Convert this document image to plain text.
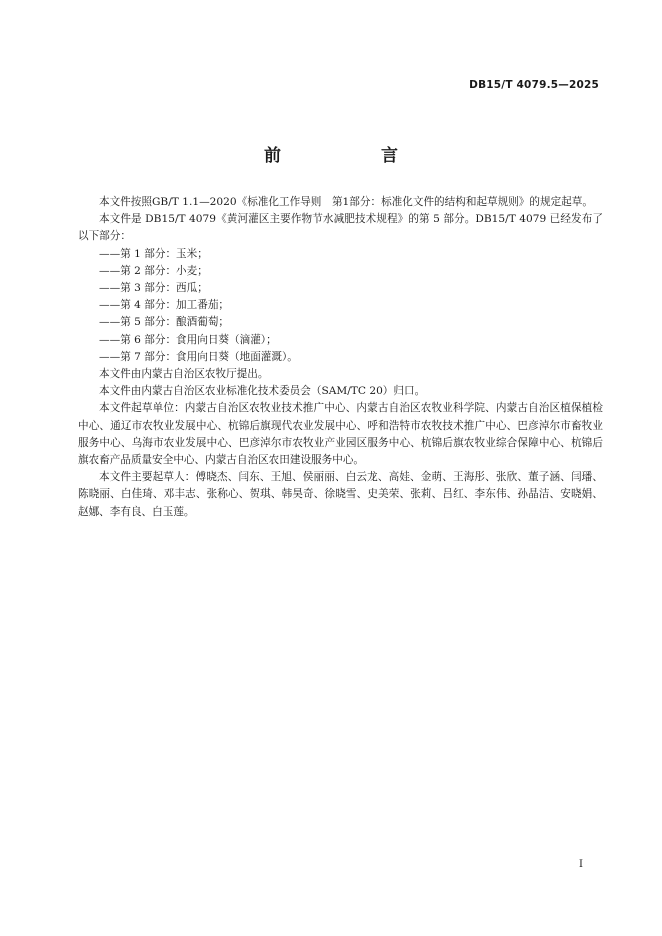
DB15/T 4079.5—2025
前　　言

本文件按照GB/T 1.1—2020《标准化工作导则　第1部分：标准化文件的结构和起草规则》的规定起草。

本文件是 DB15/T 4079《黄河灌区主要作物节水减肥技术规程》的第 5 部分。DB15/T 4079 已经发布了以下部分：

——第 1 部分：玉米；

——第 2 部分：小麦；

——第 3 部分：西瓜；

——第 4 部分：加工番茄；

——第 5 部分：酿酒葡萄；

——第 6 部分：食用向日葵（滴灌）；

——第 7 部分：食用向日葵（地面灌溉）。

本文件由内蒙古自治区农牧厅提出。

本文件由内蒙古自治区农业标准化技术委员会（SAM/TC 20）归口。

本文件起草单位：内蒙古自治区农牧业技术推广中心、内蒙古自治区农牧业科学院、内蒙古自治区植保植检中心、通辽市农牧业发展中心、杭锦后旗现代农业发展中心、呼和浩特市农牧技术推广中心、巴彦淖尔市畜牧业服务中心、乌海市农业发展中心、巴彦淖尔市农牧业产业园区服务中心、杭锦后旗农牧业综合保障中心、杭锦后旗农畜产品质量安全中心、内蒙古自治区农田建设服务中心。

本文件主要起草人：傅晓杰、闫东、王旭、侯丽丽、白云龙、高娃、金萌、王海彤、张欣、董子涵、闫璠、陈晓丽、白佳琦、邓丰志、张称心、贺琪、韩昊奇、徐晓雪、史美荣、张莉、吕红、李东伟、孙晶洁、安晓娟、赵娜、李有良、白玉莲。

I
